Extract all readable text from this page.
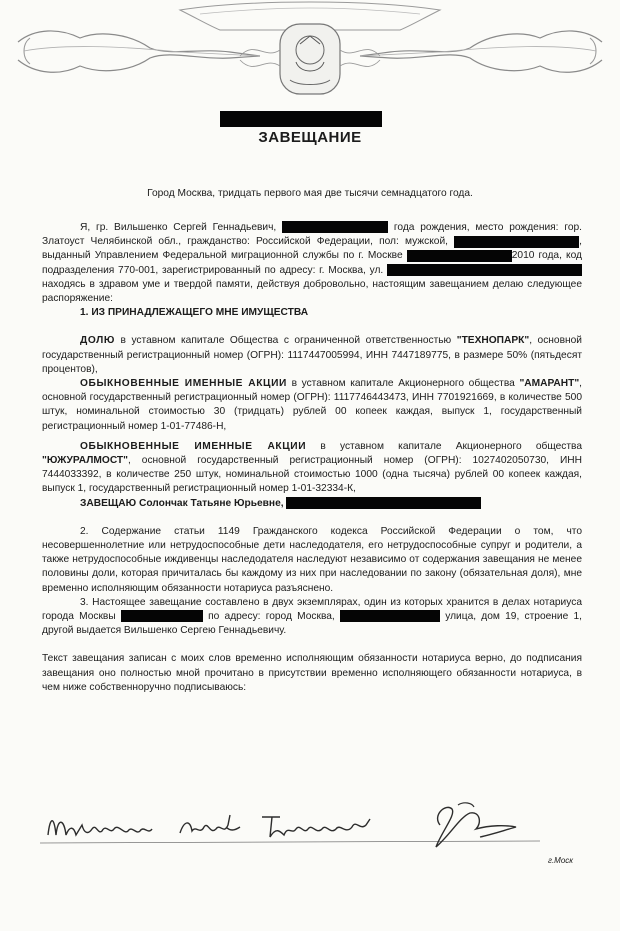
ЗАВЕЩАНИЕ
Город Москва, тридцать первого мая две тысячи семнадцатого года.

Я, гр. Вильшенко Сергей Геннадьевич,	года рождения, место рождения: гор. Златоуст Челябинской обл., гражданство: Российской Федерации, пол: мужской,	, выданный Управлением Федеральной миграционной службы по г. Москве	2010 года, код подразделения 770-001, зарегистрированный по адресу: г. Москва, ул.  находясь в здравом уме и твердой памяти, действуя добровольно, настоящим завещанием делаю следующее распоряжение:

1. ИЗ ПРИНАДЛЕЖАЩЕГО МНЕ ИМУЩЕСТВА

ДОЛЮ в уставном капитале Общества с ограниченной ответственностью "ТЕХНОПАРК", основной государственный регистрационный номер (ОГРН): 1117447005994, ИНН 7447189775, в размере 50% (пятьдесят процентов),

ОБЫКНОВЕННЫЕ ИМЕННЫЕ АКЦИИ в уставном капитале Акционерного общества "АМАРАНТ", основной государственный регистрационный номер (ОГРН): 1117746443473, ИНН 7701921669, в количестве 500 штук, номинальной стоимостью 30 (тридцать) рублей 00 копеек каждая, выпуск 1, государственный регистрационный номер 1-01-77486-Н,

ОБЫКНОВЕННЫЕ ИМЕННЫЕ АКЦИИ в уставном капитале Акционерного общества "ЮЖУРАЛМОСТ", основной государственный регистрационный номер (ОГРН): 1027402050730, ИНН 7444033392, в количестве 250 штук, номинальной стоимостью 1000 (одна тысяча) рублей 00 копеек каждая, выпуск 1, государственный регистрационный номер 1-01-32334-К,

ЗАВЕЩАЮ Солончак Татьяне Юрьевне,

2. Содержание статьи 1149 Гражданского кодекса Российской Федерации о том, что несовершеннолетние или нетрудоспособные дети наследодателя, его нетрудоспособные супруг и родители, а также нетрудоспособные иждивенцы наследодателя наследуют независимо от содержания завещания не менее половины доли, которая причиталась бы каждому из них при наследовании по закону (обязательная доля), мне временно исполняющим обязанности нотариуса разъяснено.

3. Настоящее завещание составлено в двух экземплярах, один из которых хранится в делах нотариуса города Москвы	по адресу: город Москва,	улица, дом 19, строение 1, другой выдается Вильшенко Сергею Геннадьевичу.

Текст завещания записан с моих слов временно исполняющим обязанности нотариуса верно, до подписания завещания оно полностью мной прочитано в присутствии временно исполняющего обязанности нотариуса, в чем ниже собственноручно подписываюсь:

г.Моск
